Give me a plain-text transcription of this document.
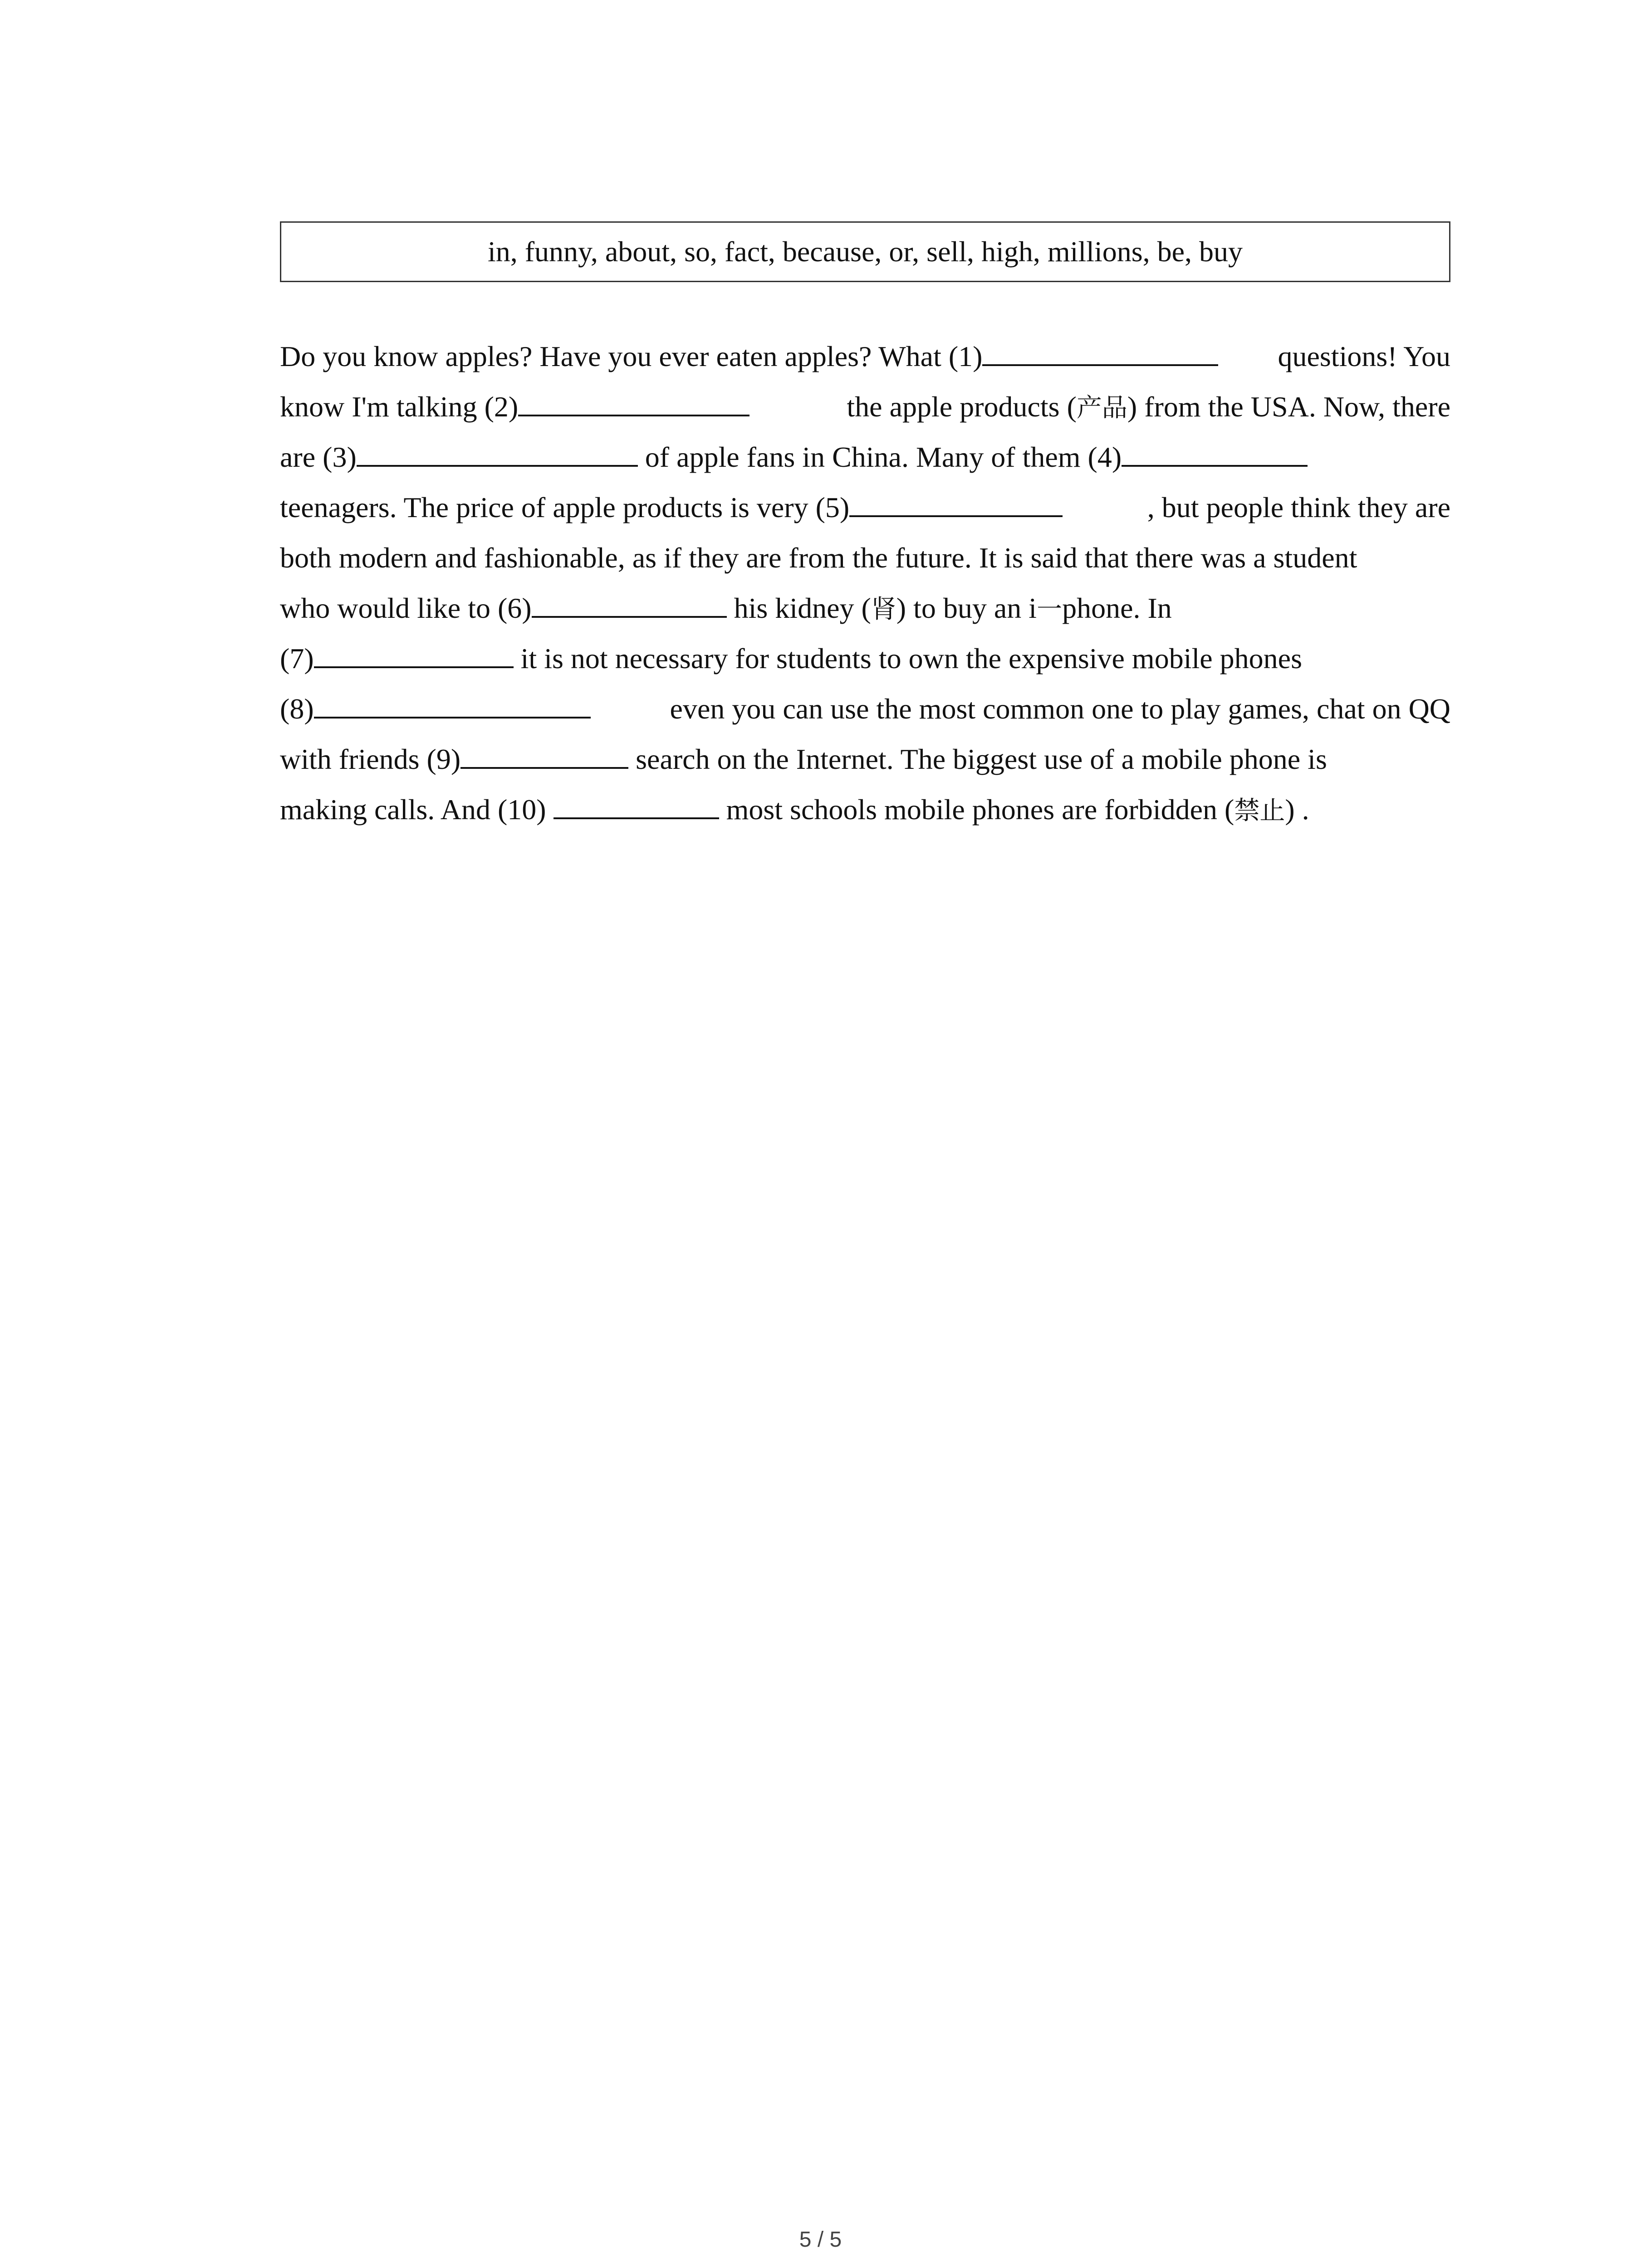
in, funny, about, so, fact, because, or, sell, high, millions, be, buy
Do you know apples? Have you ever eaten apples? What (1)	questions! You
know I'm talking (2)	the apple products (产品) from the USA. Now, there
are (3)	of apple fans in China. Many of them (4)
teenagers. The price of apple products is very (5)	, but people think they are
both modern and fashionable, as if they are from the future. It is said that there was a student
who would like to (6)	his kidney (肾) to buy an i一phone. In
(7)	it is not necessary for students to own the expensive mobile phones
(8)	even you can use the most common one to play games, chat on QQ
with friends (9)	search on the Internet. The biggest use of a mobile phone is
making calls. And (10)	most schools mobile phones are forbidden (禁止) .
5 / 5
